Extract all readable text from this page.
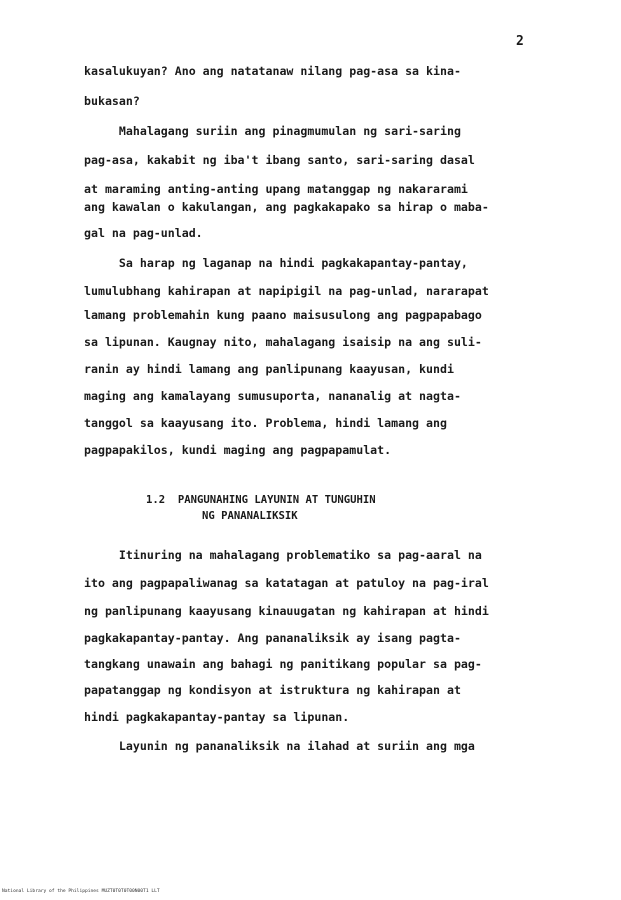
2
kasalukuyan? Ano ang natatanaw nilang pag-asa sa kina-
bukasan?
Mahalagang suriin ang pinagmumulan ng sari-saring
pag-asa, kakabit ng iba't ibang santo, sari-saring dasal
at maraming anting-anting upang matanggap ng nakararami
ang kawalan o kakulangan, ang pagkakapako sa hirap o maba-
gal na pag-unlad.
Sa harap ng laganap na hindi pagkakapantay-pantay,
lumulubhang kahirapan at napipigil na pag-unlad, nararapat
lamang problemahin kung paano maisusulong ang pagpapabago
sa lipunan. Kaugnay nito, mahalagang isaisip na ang suli-
ranin ay hindi lamang ang panlipunang kaayusan, kundi
maging ang kamalayang sumusuporta, nananalig at nagta-
tanggol sa kaayusang ito. Problema, hindi lamang ang
pagpapakilos, kundi maging ang pagpapamulat.
1.2  PANGUNAHING LAYUNIN AT TUNGUHIN
NG PANANALIKSIK
Itinuring na mahalagang problematiko sa pag-aaral na
ito ang pagpapaliwanag sa katatagan at patuloy na pag-iral
ng panlipunang kaayusang kinauugatan ng kahirapan at hindi
pagkakapantay-pantay. Ang pananaliksik ay isang pagta-
tangkang unawain ang bahagi ng panitikang popular sa pag-
papatanggap ng kondisyon at istruktura ng kahirapan at
hindi pagkakapantay-pantay sa lipunan.
Layunin ng pananaliksik na ilahad at suriin ang mga
National Library of the Philippines MUZT0T0T0T00N00T1 LLT
